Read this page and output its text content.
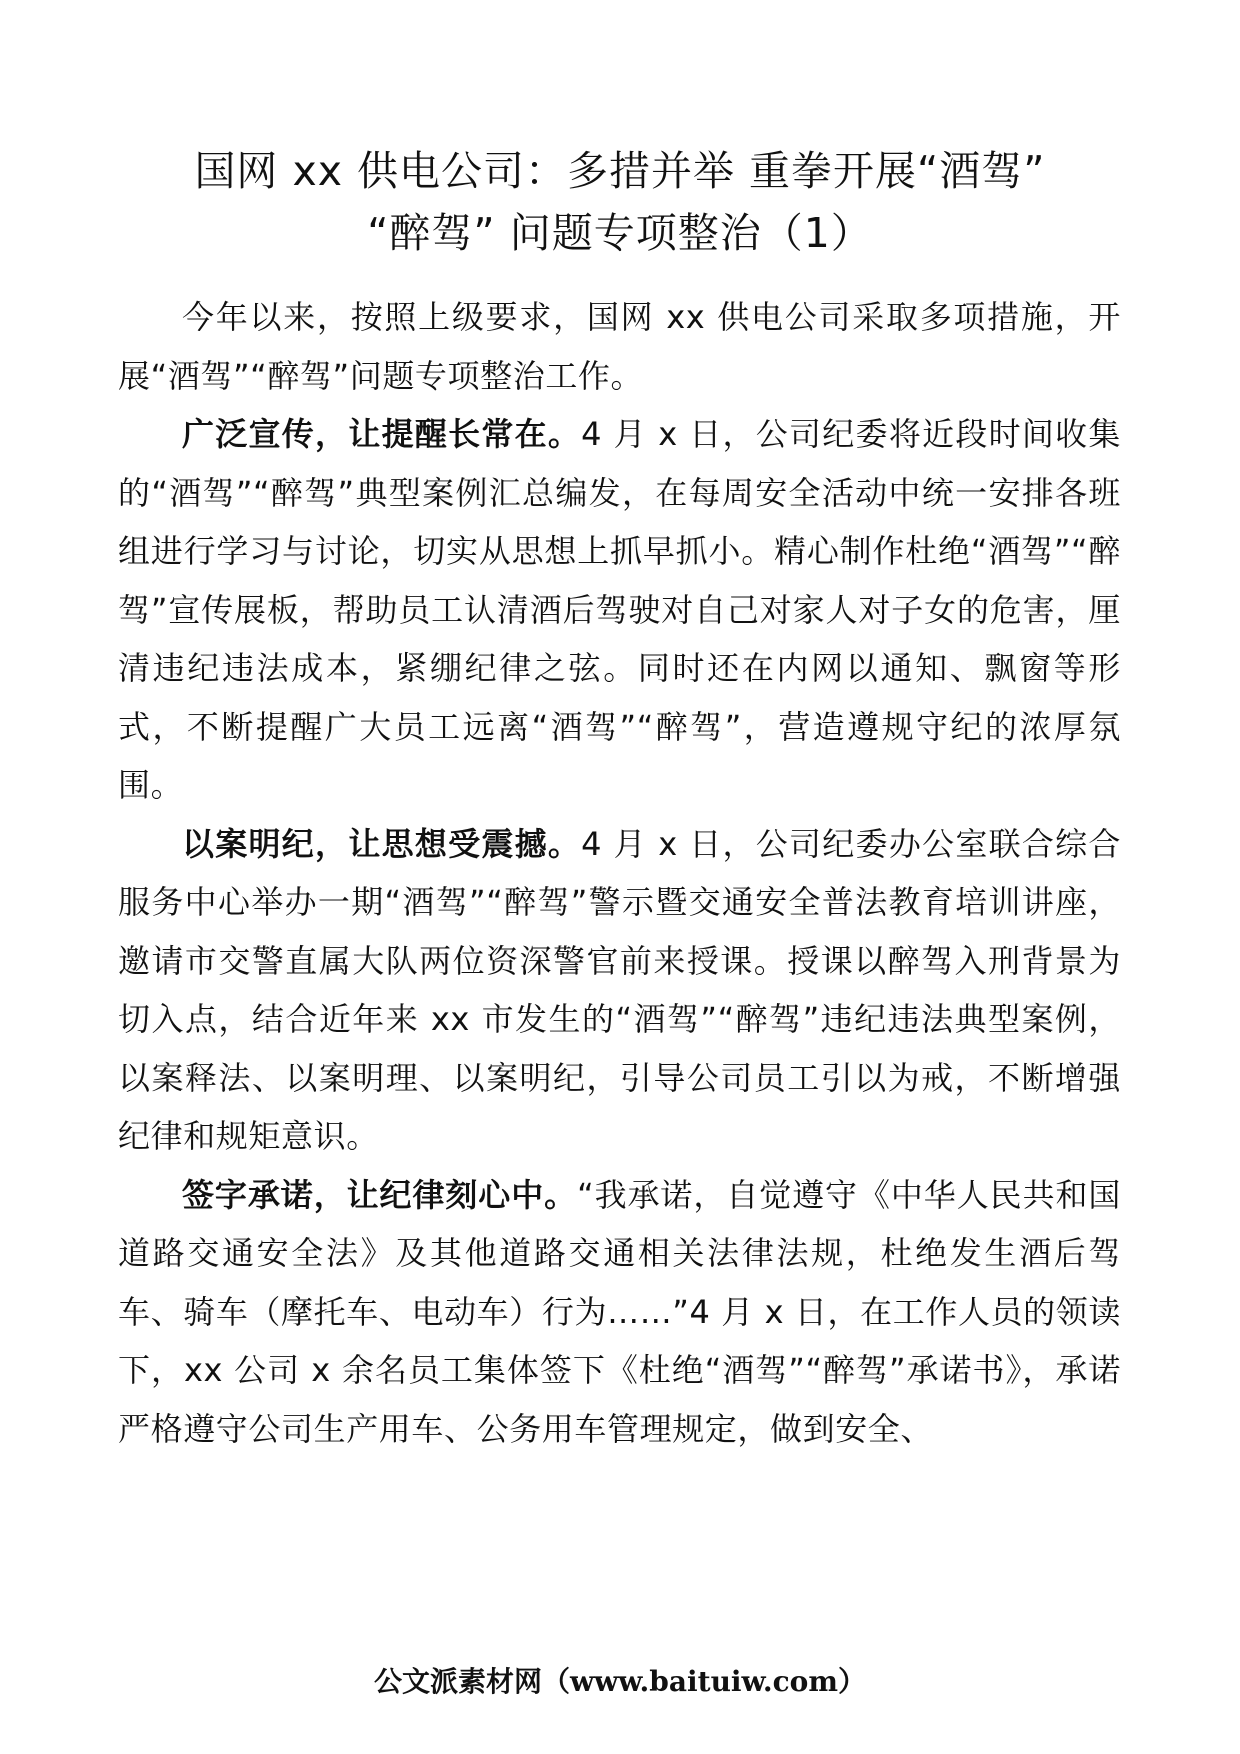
国网 xx 供电公司：多措并举 重拳开展“酒驾”
“醉驾” 问题专项整治（1）

今年以来，按照上级要求，国网 xx 供电公司采取多项措施，开展“酒驾”“醉驾”问题专项整治工作。

广泛宣传，让提醒长常在。4 月 x 日，公司纪委将近段时间收集的“酒驾”“醉驾”典型案例汇总编发，在每周安全活动中统一安排各班组进行学习与讨论，切实从思想上抓早抓小。精心制作杜绝“酒驾”“醉驾”宣传展板，帮助员工认清酒后驾驶对自己对家人对子女的危害，厘清违纪违法成本，紧绷纪律之弦。同时还在内网以通知、飘窗等形式，不断提醒广大员工远离“酒驾”“醉驾”，营造遵规守纪的浓厚氛围。

以案明纪，让思想受震撼。4 月 x 日，公司纪委办公室联合综合服务中心举办一期“酒驾”“醉驾”警示暨交通安全普法教育培训讲座，邀请市交警直属大队两位资深警官前来授课。授课以醉驾入刑背景为切入点，结合近年来 xx 市发生的“酒驾”“醉驾”违纪违法典型案例，以案释法、以案明理、以案明纪，引导公司员工引以为戒，不断增强纪律和规矩意识。

签字承诺，让纪律刻心中。“我承诺，自觉遵守《中华人民共和国道路交通安全法》及其他道路交通相关法律法规，杜绝发生酒后驾车、骑车（摩托车、电动车）行为……”4 月 x 日，在工作人员的领读下，xx 公司 x 余名员工集体签下《杜绝“酒驾”“醉驾”承诺书》，承诺严格遵守公司生产用车、公务用车管理规定，做到安全、

公文派素材网（www.baituiw.com）
